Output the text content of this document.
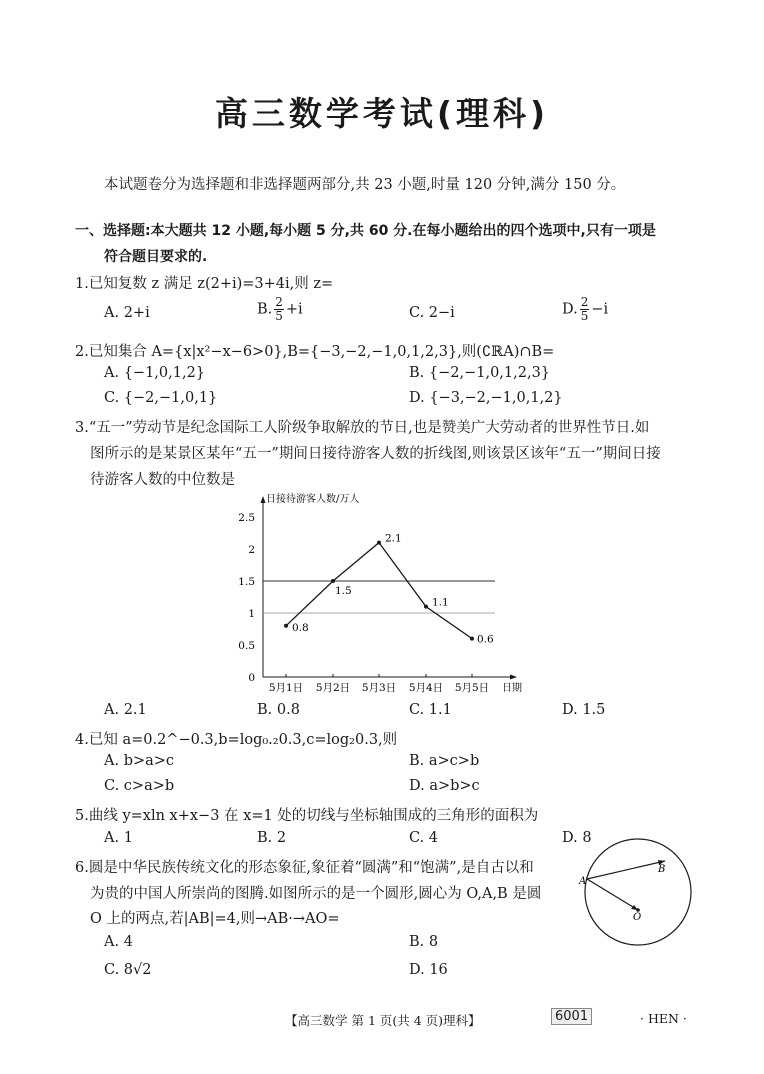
高三数学考试(理科)
本试题卷分为选择题和非选择题两部分,共 23 小题,时量 120 分钟,满分 150 分。
一、选择题:本大题共 12 小题,每小题 5 分,共 60 分.在每小题给出的四个选项中,只有一项是
符合题目要求的.
1.已知复数 z 满足 z(2+i)=3+4i,则 z=
A. 2+i	B. $\frac{2}{5} +i$	C. 2−i	D. $\frac{2}{5} -i$
2.已知集合 A={x|x²−x−6>0},B={−3,−2,−1,0,1,2,3},则(∁ℝA)∩B=
A. {−1,0,1,2}	B. {−2,−1,0,1,2,3}
C. {−2,−1,0,1}	D. {−3,−2,−1,0,1,2}
3.“五一”劳动节是纪念国际工人阶级争取解放的节日,也是赞美广大劳动者的世界性节日.如
图所示的是某景区某年“五一”期间日接待游客人数的折线图,则该景区该年“五一”期间日接
待游客人数的中位数是
日接待游客人数/万人
日期
0
0.5
1
1.5
2
2.5
5月1日 5月2日 5月3日 5月4日 5月5日
0.8
1.5
2.1
1.1
0.6
A. 2.1	B. 0.8	C. 1.1	D. 1.5
4.已知 a=0.2^−0.3,b=log₀.₂0.3,c=log₂0.3,则
A. b>a>c	B. a>c>b
C. c>a>b	D. a>b>c
5.曲线 y=xln x+x−3 在 x=1 处的切线与坐标轴围成的三角形的面积为
A. 1	B. 2	C. 4	D. 8
6.圆是中华民族传统文化的形态象征,象征着“圆满”和“饱满”,是自古以和
为贵的中国人所崇尚的图腾.如图所示的是一个圆形,圆心为 O,A,B 是圆
O 上的两点,若|AB|=4,则→AB·→AO=
A. 4	B. 8
C. 8√2	D. 16
A
B
O
【高三数学 第 1 页(共 4 页)理科】	6001	· HEN ·
